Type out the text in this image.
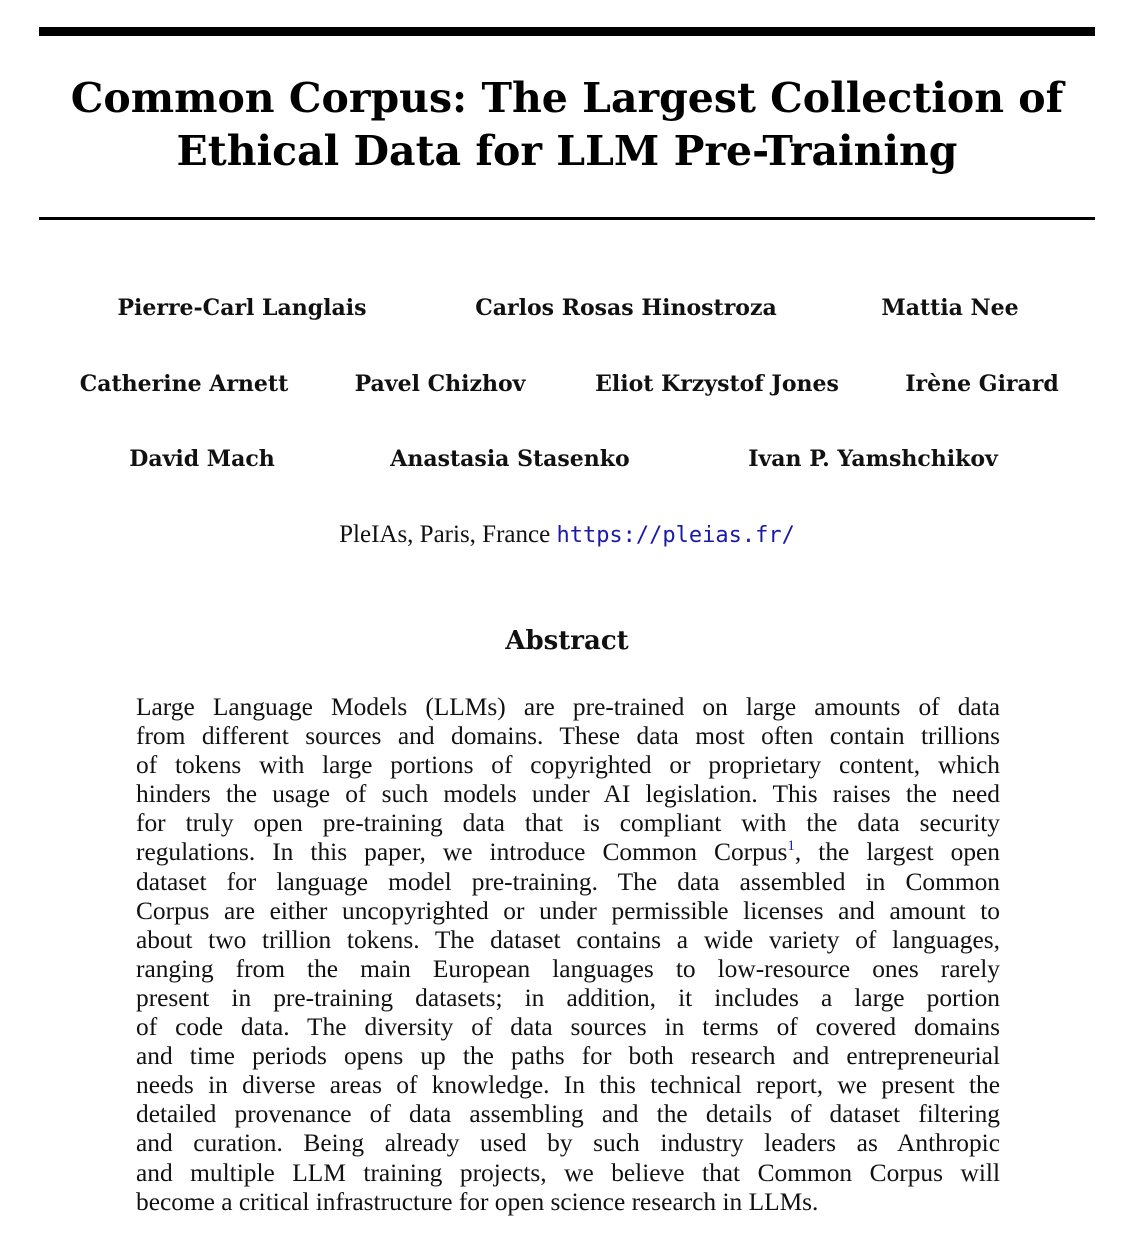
Common Corpus: The Largest Collection of
Ethical Data for LLM Pre-Training
Pierre-Carl Langlais	Carlos Rosas Hinostroza	Mattia Nee
Catherine Arnett	Pavel Chizhov	Eliot Krzystof Jones	Irène Girard
David Mach	Anastasia Stasenko	Ivan P. Yamshchikov
PleIAs, Paris, France https://pleias.fr/
Abstract
Large Language Models (LLMs) are pre-trained on large amounts of data
from different sources and domains. These data most often contain trillions
of tokens with large portions of copyrighted or proprietary content, which
hinders the usage of such models under AI legislation. This raises the need
for truly open pre-training data that is compliant with the data security
regulations. In this paper, we introduce Common Corpus$^1$, the largest open
dataset for language model pre-training. The data assembled in Common
Corpus are either uncopyrighted or under permissible licenses and amount to
about two trillion tokens. The dataset contains a wide variety of languages,
ranging from the main European languages to low-resource ones rarely
present in pre-training datasets; in addition, it includes a large portion
of code data. The diversity of data sources in terms of covered domains
and time periods opens up the paths for both research and entrepreneurial
needs in diverse areas of knowledge. In this technical report, we present the
detailed provenance of data assembling and the details of dataset filtering
and curation. Being already used by such industry leaders as Anthropic
and multiple LLM training projects, we believe that Common Corpus will
become a critical infrastructure for open science research in LLMs.
